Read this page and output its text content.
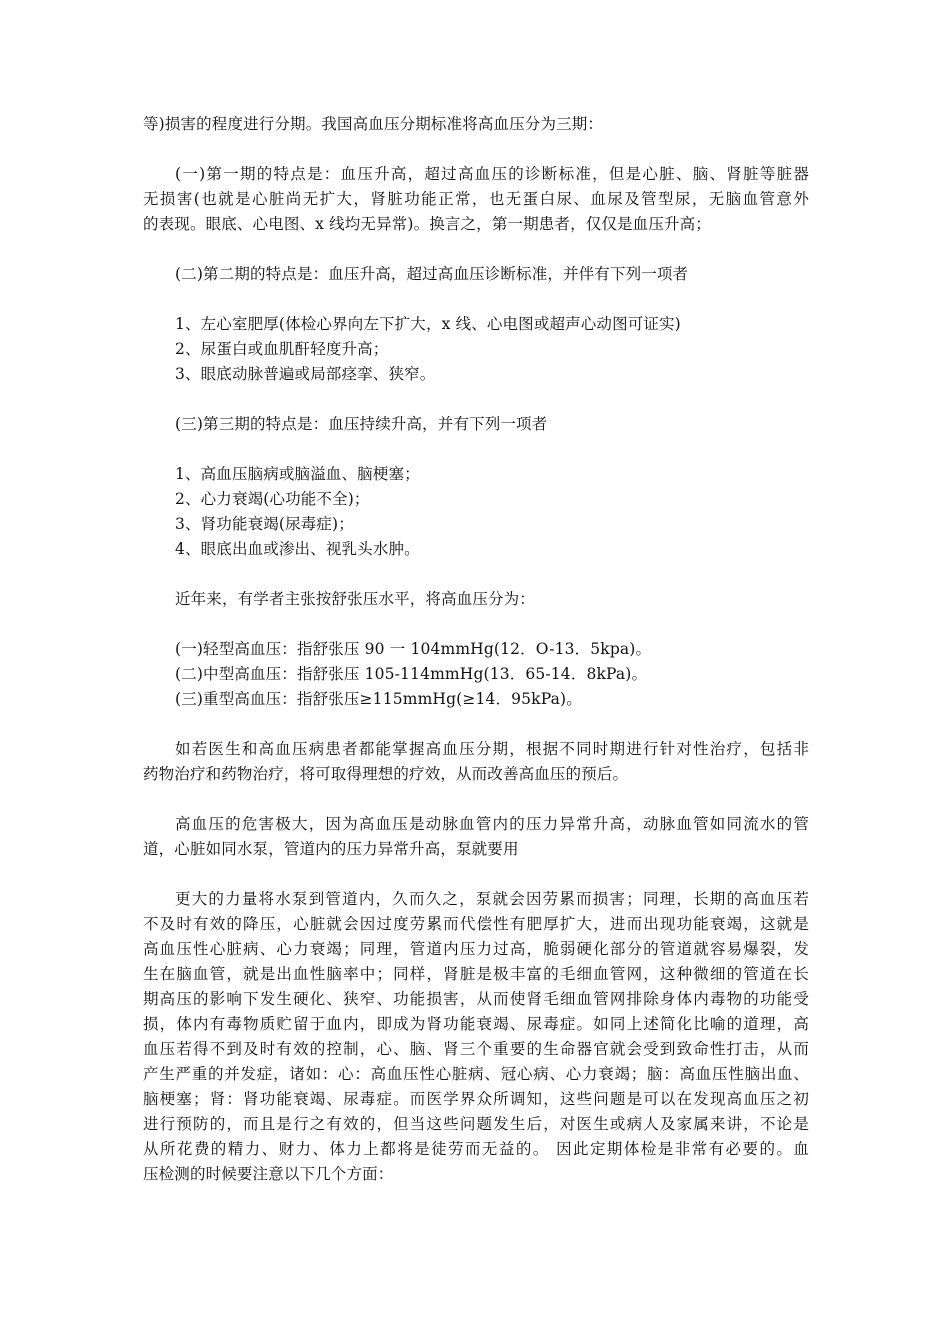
等)损害的程度进行分期。我国高血压分期标准将高血压分为三期：
(一)第一期的特点是：血压升高，超过高血压的诊断标准，但是心脏、脑、肾脏等脏器
无损害(也就是心脏尚无扩大，肾脏功能正常，也无蛋白尿、血尿及管型尿，无脑血管意外
的表现。眼底、心电图、x 线均无异常)。换言之，第一期患者，仅仅是血压升高；
(二)第二期的特点是：血压升高，超过高血压诊断标准，并伴有下列一项者
1、左心室肥厚(体检心界向左下扩大，x 线、心电图或超声心动图可证实)
2、尿蛋白或血肌酐轻度升高；
3、眼底动脉普遍或局部痉挛、狭窄。
(三)第三期的特点是：血压持续升高，并有下列一项者
1、高血压脑病或脑溢血、脑梗塞；
2、心力衰竭(心功能不全)；
3、肾功能衰竭(尿毒症)；
4、眼底出血或渗出、视乳头水肿。
近年来，有学者主张按舒张压水平，将高血压分为：
(一)轻型高血压：指舒张压 90 一 104mmHg(12．O-13．5kpa)。
(二)中型高血压：指舒张压 105-114mmHg(13．65-14．8kPa)。
(三)重型高血压：指舒张压≥115mmHg(≥14．95kPa)。
如若医生和高血压病患者都能掌握高血压分期，根据不同时期进行针对性治疗，包括非
药物治疗和药物治疗，将可取得理想的疗效，从而改善高血压的预后。
高血压的危害极大，因为高血压是动脉血管内的压力异常升高，动脉血管如同流水的管
道，心脏如同水泵，管道内的压力异常升高，泵就要用
更大的力量将水泵到管道内，久而久之，泵就会因劳累而损害；同理，长期的高血压若
不及时有效的降压，心脏就会因过度劳累而代偿性有肥厚扩大，进而出现功能衰竭，这就是
高血压性心脏病、心力衰竭；同理，管道内压力过高，脆弱硬化部分的管道就容易爆裂，发
生在脑血管，就是出血性脑率中；同样，肾脏是极丰富的毛细血管网，这种微细的管道在长
期高压的影响下发生硬化、狭窄、功能损害，从而使肾毛细血管网排除身体内毒物的功能受
损，体内有毒物质贮留于血内，即成为肾功能衰竭、尿毒症。如同上述简化比喻的道理，高
血压若得不到及时有效的控制，心、脑、肾三个重要的生命器官就会受到致命性打击，从而
产生严重的并发症，诸如：心：高血压性心脏病、冠心病、心力衰竭；脑：高血压性脑出血、
脑梗塞；肾：肾功能衰竭、尿毒症。而医学界众所调知，这些问题是可以在发现高血压之初
进行预防的，而且是行之有效的，但当这些问题发生后，对医生或病人及家属来讲，不论是
从所花费的精力、财力、体力上都将是徒劳而无益的。 因此定期体检是非常有必要的。血
压检测的时候要注意以下几个方面：
